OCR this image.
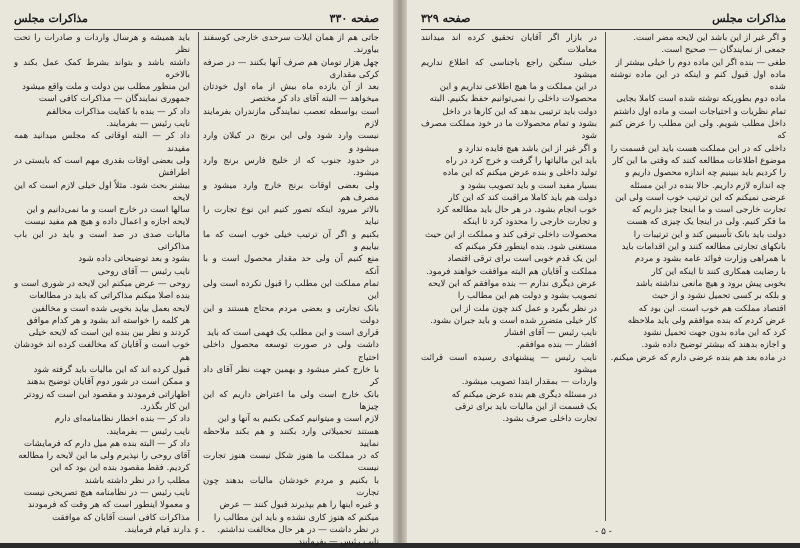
صفحه ۳۳۰
مذاكرات مجلس

جاتی هم از همان ایلات سرحدی خارجی کوسفند بیاورند.

چهل هزار تومان هم صرف آنها بکنند — در صرفه کرکی مقداری

بعد از آن یازده ماه بیش از ماه اول خودتان میخواهد — البته آقای داد کر مختصر

است بواسطه تعصب نمایندگی مازندران بفرمایند لازم

نیست وارد شود ولی این برنج در کیلان وارد میشود و

در حدود جنوب که از خلیج فارس برنج وارد میشود.

ولی بعضی اوقات برنج خارج وارد میشود و مصرف هم

بالاتر میرود اینکه تصور کنیم این نوع تجارت را نباید

بکنیم و اگر آن ترتیب خیلی خوب است که ما بیاییم و

منع کنیم آن ولی حد مقدار محصول است و با آنکه

تمام مملکت این مطلب را قبول نکرده است ولی این

بانک تجارتی و بعضی مردم محتاج هستند و این دولت

قراری است و این مطلب یک فهمی است که باید

داشت ولی در صورت توسعه محصول داخلی احتیاج

با خارج کمتر میشود و بهمین جهت نظر آقای داد کر

بانک خارج است ولی ما اعتراض داریم که این چیزها

لازم است و میتوانیم کمکی بکنیم به آنها و این

هستند تحمیلاتی وارد بکنند و هم بکند ملاحظه نمایید

که در مملکت ما هنوز شکل نیست هنوز تجارت نیست

با بکنیم و مردم خودشان مالیات بدهند چون تجارت

و غیره اینها را هم بپذیرند قبول کنند — عرض

میکنم که هنوز کاری نشده و باید این مطالب را

در نظر داشت — در هر حال مخالفت نداشتم.

نایب رئیس — بفرمایند.

باید همیشه و هرسال واردات و صادرات را تحت نظر

داشته باشد و بتواند بشرط کمک عمل بکند و بالاخره

این منظور مطلب بین دولت و ملت واقع میشود

جمهوری نمایندگان — مذاکرات کافی است

داد کر — بنده با کفایت مذاکرات مخالفم

نایب رئیس — بفرمایند.

داد کر — البته اوقاتی که مجلس میدانید همه مفیدند

ولی بعضی اوقات بقدری مهم است که بایستی در اطرافش

بیشتر بحث شود. مثلاً اول خیلی لازم است که این لایحه

سالها است در خارج است و ما نمی‌دانیم و این

لایحه اجازه و اعمال داده و هیچ هم مفید نیست

مالیات صدی در صد است و باید در این باب مذاکراتی

بشود و بعد توضیحاتی داده شود

نایب رئیس — آقای روحی

روحی — عرض میکنم این لایحه در شوری است و

بنده اصلا میکنم مذاکراتی که باید در مطالعات

لایحه بعمل بیاید بخوبی شده است و مخالفین

هر کلمه را خواسته اند بشود و هر کدام موافق

کردند و نظر بین بنده این است که لایحه خیلی

خوب است و آقایان که مخالفت کرده اند خودشان هم

قبول کرده اند که این مالیات باید گرفته شود

و ممکن است در شور دوم آقایان توضیح بدهند

اظهاراتی فرمودند و مقصود این است که زودتر

این کار بگذرد.

داد کر — بنده اخطار نظامنامه‌ای دارم

نایب رئیس — بفرمایند.

داد کر — البته بنده هم میل دارم که فرمایشات

آقای روحی را نپذیرم ولی ما این لایحه را مطالعه

کردیم. فقط مقصود بنده این بود که این

مطلب را در نظر داشته باشند

نایب رئیس — در نظامنامه هیچ تصریحی نیست

و معمولا اینطور است که هر وقت که فرمودند

مذاکرات کافی است آقایان که موافقت

دارند قیام فرمایند.

- ۶ -
مذاكرات مجلس
صفحه ۳۲۹

و اگر غیر از این باشد این لایحه مضر است.

جمعی از نمایندگان — صحیح است.

طغی — بنده اگر این ماده دوم را خیلی بیشتر از

ماده اول قبول کنم و اینکه در این ماده نوشته شده

ماده دوم بطوریکه نوشته شده است کاملا بجایی

تمام نظریات و احتیاجات است و ماده اول داشتم

داخل مطلب شویم. ولی این مطلب را عرض کنم که

داخلی که در این مملکت هست باید این قسمت را

موضوع اطلاعات مطالعه کنند که وقتی ما این کار

را کردیم باید ببینیم چه اندازه محصول داریم و

چه اندازه لازم داریم. حالا بنده در این مسئله

عرضی نمیکنم که این ترتیب خوب است ولی این

تجارت خارجی است و ما اینجا چیز داریم که

ما فکر کنیم. ولی در اینجا یک چیزی که هست

دولت باید بانک تأسیس کند و این ترتیبات را

بانکهای تجارتی مطالعه کنند و این اقدامات باید

با همراهی وزارت فوائد عامه بشود و مردم

با رضایت همکاری کنند تا اینکه این کار

بخوبی پیش برود و هیچ مانعی نداشته باشد

و بلکه بر کسی تحمیل نشود و از حیث

اقتصاد مملکت هم خوب است. این بود که

عرض کردم که بنده موافقم ولی باید ملاحظه

کرد که این ماده بدون جهت تحمیل نشود

و اجازه بدهند که بیشتر توضیح داده شود.

در ماده بعد هم بنده عرضی دارم که عرض میکنم.

در بازار اگر آقایان تحقیق کرده اند میدانند معاملات

خیلی سنگین راجع باجناسی که اطلاع نداریم میشود

در این مملکت و ما هیچ اطلاعی نداریم و این

محصولات داخلی را نمی‌توانیم حفظ بکنیم. البته

دولت باید ترتیبی بدهد که این کارها در داخل

بشود و تمام محصولات ما در خود مملکت مصرف شود

و اگر غیر از این باشد هیچ فایده ندارد و

باید این مالیاتها را گرفت و خرج کرد در راه

تولید داخلی و بنده عرض میکنم که این ماده

بسیار مفید است و باید تصویب بشود و

دولت هم باید کاملا مراقبت کند که این کار

خوب انجام بشود. در هر حال باید مطالعه کرد

و تجارت خارجی را محدود کرد تا اینکه

محصولات داخلی ترقی کند و مملکت از این حیث

مستغنی شود. بنده اینطور فکر میکنم که

این یک قدم خوبی است برای ترقی اقتصاد

مملکت و آقایان هم البته موافقت خواهند فرمود.

عرض دیگری ندارم — بنده موافقم که این لایحه

تصویب بشود و دولت هم این مطالب را

در نظر بگیرد و عمل کند چون ملت از این

کار خیلی متضرر شده است و باید جبران بشود.

نایب رئیس — آقای افشار

افشار — بنده موافقم.

نایب رئیس — پیشنهادی رسیده است قرائت میشود

واردات — بمقدار ابتدا تصویب میشود.

در مسئله دیگری هم بنده عرض میکنم که

یک قسمت از این مالیات باید برای ترقی

تجارت داخلی صرف بشود.

- ۵ -
